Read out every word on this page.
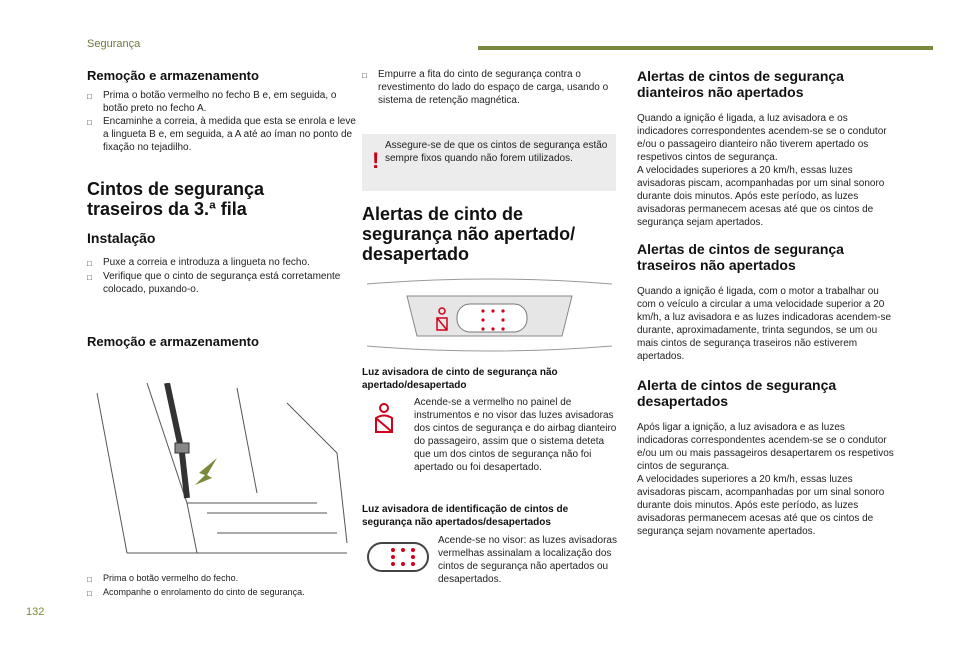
Segurança
132
Remoção e armazenamento
□	Prima o botão vermelho no fecho B e, em seguida, o botão preto no fecho A.
□	Encaminhe a correia, à medida que esta se enrola e leve a lingueta B e, em seguida, a A até ao íman no ponto de fixação no tejadilho.
Cintos de segurança
traseiros da 3.ª fila
Instalação
□	Puxe a correia e introduza a lingueta no fecho.
□	Verifique que o cinto de segurança está corretamente colocado, puxando-o.
Remoção e armazenamento
□	Prima o botão vermelho do fecho.
□	Acompanhe o enrolamento do cinto de segurança.
□	Empurre a fita do cinto de segurança contra o revestimento do lado do espaço de carga, usando o sistema de retenção magnética.
!
Assegure-se de que os cintos de segurança estão sempre fixos quando não forem utilizados.
Alertas de cinto de
segurança não apertado/
desapertado
Luz avisadora de cinto de segurança não apertado/desapertado
Acende-se a vermelho no painel de instrumentos e no visor das luzes avisadoras dos cintos de segurança e do airbag dianteiro do passageiro, assim que o sistema deteta que um dos cintos de segurança não foi apertado ou foi desapertado.
Luz avisadora de identificação de cintos de segurança não apertados/desapertados
Acende-se no visor: as luzes avisadoras vermelhas assinalam a localização dos cintos de segurança não apertados ou desapertados.
Alertas de cintos de segurança
dianteiros não apertados
Quando a ignição é ligada, a luz avisadora e os indicadores correspondentes acendem-se se o condutor e/ou o passageiro dianteiro não tiverem apertado os respetivos cintos de segurança.
A velocidades superiores a 20 km/h, essas luzes avisadoras piscam, acompanhadas por um sinal sonoro durante dois minutos. Após este período, as luzes avisadoras permanecem acesas até que os cintos de segurança sejam apertados.
Alertas de cintos de segurança
traseiros não apertados
Quando a ignição é ligada, com o motor a trabalhar ou com o veículo a circular a uma velocidade superior a 20 km/h, a luz avisadora e as luzes indicadoras acendem-se durante, aproximadamente, trinta segundos, se um ou mais cintos de segurança traseiros não estiverem apertados.
Alerta de cintos de segurança
desapertados
Após ligar a ignição, a luz avisadora e as luzes indicadoras correspondentes acendem-se se o condutor e/ou um ou mais passageiros desapertarem os respetivos cintos de segurança.
A velocidades superiores a 20 km/h, essas luzes avisadoras piscam, acompanhadas por um sinal sonoro durante dois minutos. Após este período, as luzes avisadoras permanecem acesas até que os cintos de segurança sejam novamente apertados.
